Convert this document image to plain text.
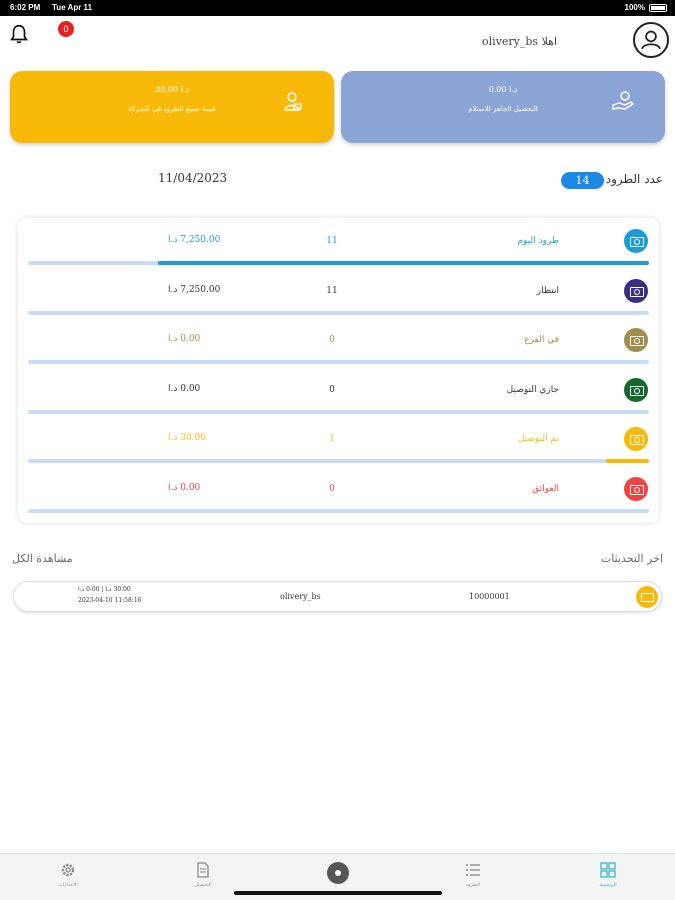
6:02 PM Tue Apr 11	100%
0
اهلا olivery_bs
30.00 د.ا
قيمة جميع الطرود في الشركة
0.00 د.ا
التحصيل الجاهز للاستلام
عدد الطرود
14
11/04/2023
طرود اليوم
11
7,250.00 د.ا
انتظار
11
7,250.00 د.ا
في الفرع
0
0.00 د.ا
جاري التوصيل
0
0.00 د.ا
تم التوصيل
1
30.00 د.ا
العوائق
0
0.00 د.ا
اخر التحديثات
مشاهدة الكل
10000001
olivery_bs
30.00 د.ا | 0.00 د.ا
2023-04-10 11:58:16
الرئيسية
الطرود
التحصيل
الاعدادات
